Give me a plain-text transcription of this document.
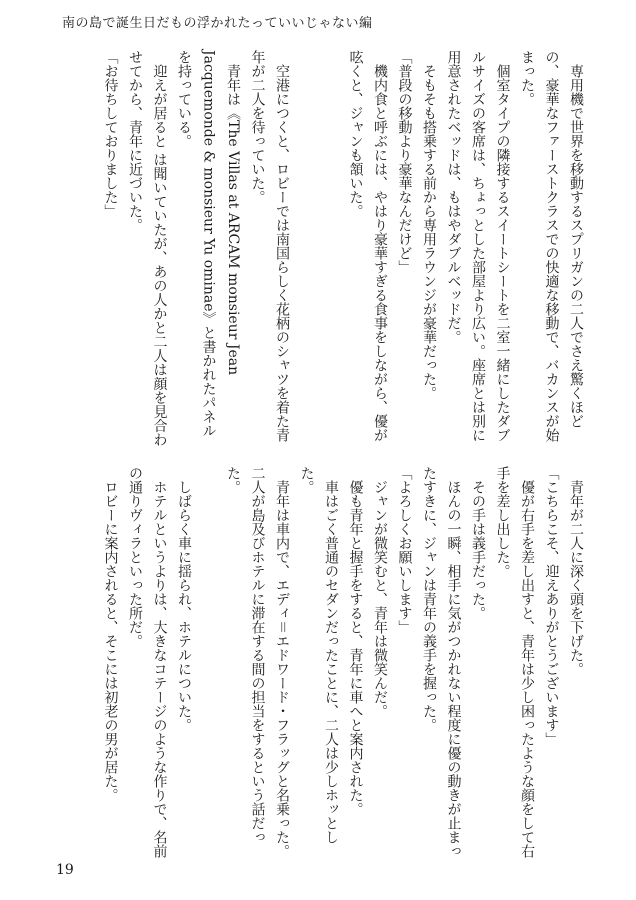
南の島で誕生日だもの浮かれたっていいじゃない編
　専用機で世界を移動するスプリガンの二人でさえ驚くほど
の、豪華なファーストクラスでの快適な移動で、バカンスが始
まった。
　個室タイプの隣接するスイートシートを二室一緒にしたダブ
ルサイズの客席は、ちょっとした部屋より広い。座席とは別に
用意されたベッドは、もはやダブルベッドだ。
　そもそも搭乗する前から専用ラウンジが豪華だった。
「普段の移動より豪華なんだけど」
　機内食と呼ぶには、やはり豪華すぎる食事をしながら、優が
呟くと、ジャンも頷いた。

　空港につくと、ロビーでは南国らしく花柄のシャツを着た青
年が二人を待っていた。
　青年は《The Villas at ARCAM monsieur Jean
Jacquemonde & monsieur Yu ominae》と書かれたパネル
を持っている。
　迎えが居ると は聞いていたが、あの人かと二人は顔を見合わ
せてから、青年に近づいた。
「お待ちしておりました」
　青年が二人に深く頭を下げた。
「こちらこそ、迎えありがとうございます」
　優が右手を差し出すと、青年は少し困ったような顔をして右
手を差し出した。
　その手は義手だった。
　ほんの一瞬、相手に気がつかれない程度に優の動きが止まっ
たすきに、ジャンは青年の義手を握った。
「よろしくお願いします」
　ジャンが微笑むと、青年は微笑んだ。
　優も青年と握手をすると、青年に車へと案内された。
　車はごく普通のセダンだったことに、二人は少しホッとし
た。
　青年は車内で、エディ＝エドワード・フラッグと名乗った。
二人が島及びホテルに滞在する間の担当をするという話だっ
た。

　しばらく車に揺られ、ホテルについた。
　ホテルというよりは、大きなコテージのような作りで、名前
の通りヴィラといった所だ。
　ロビーに案内されると、そこには初老の男が居た。
19
